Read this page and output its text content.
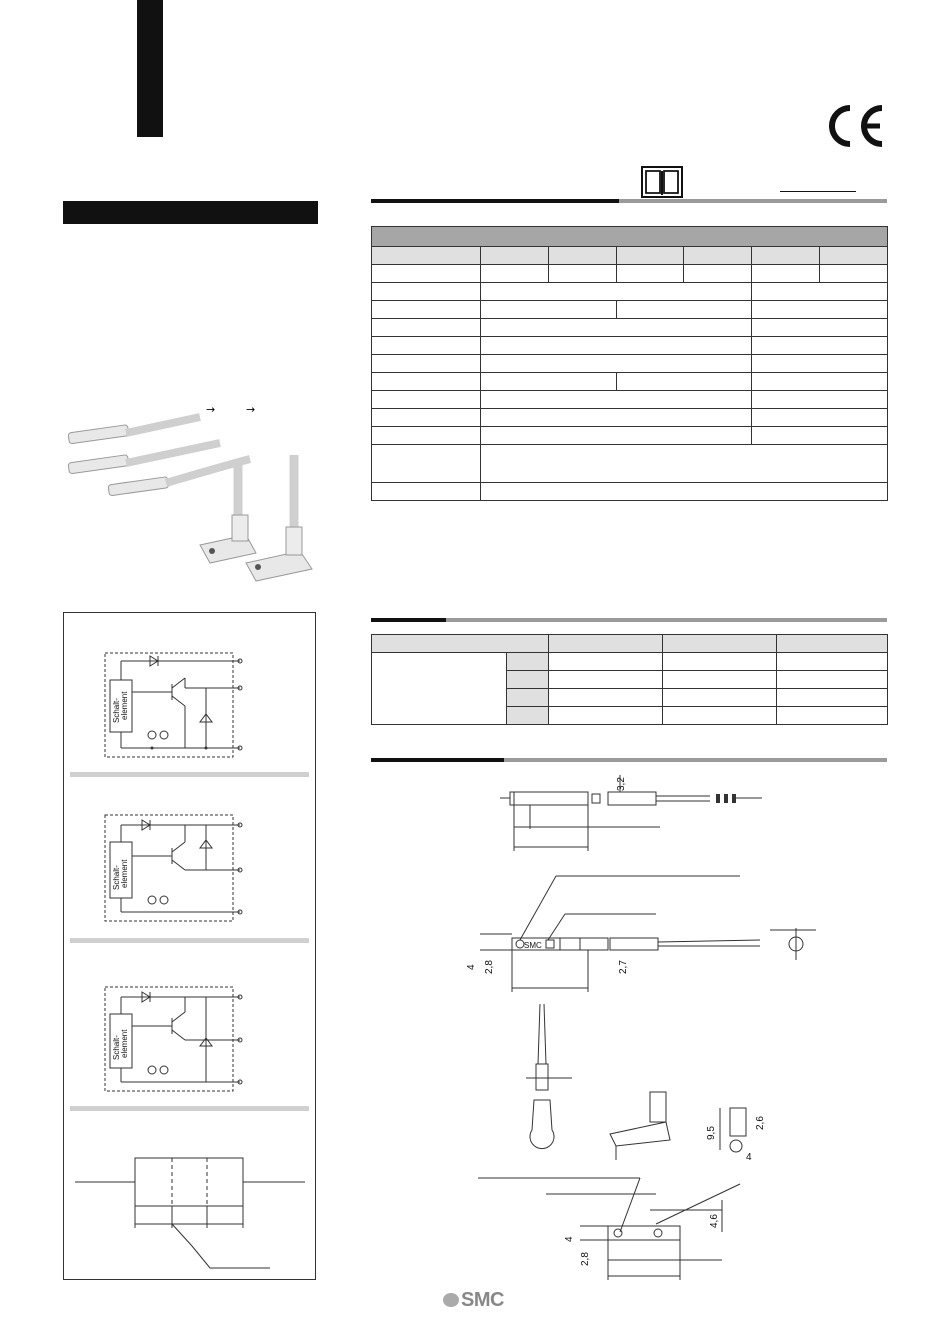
→	→

Schalt- element
Schalt- element
Schalt- element
3,2
SMC
4 2,8	2,7
9,5
2,6
4
4
2,8
4,6
SMC
